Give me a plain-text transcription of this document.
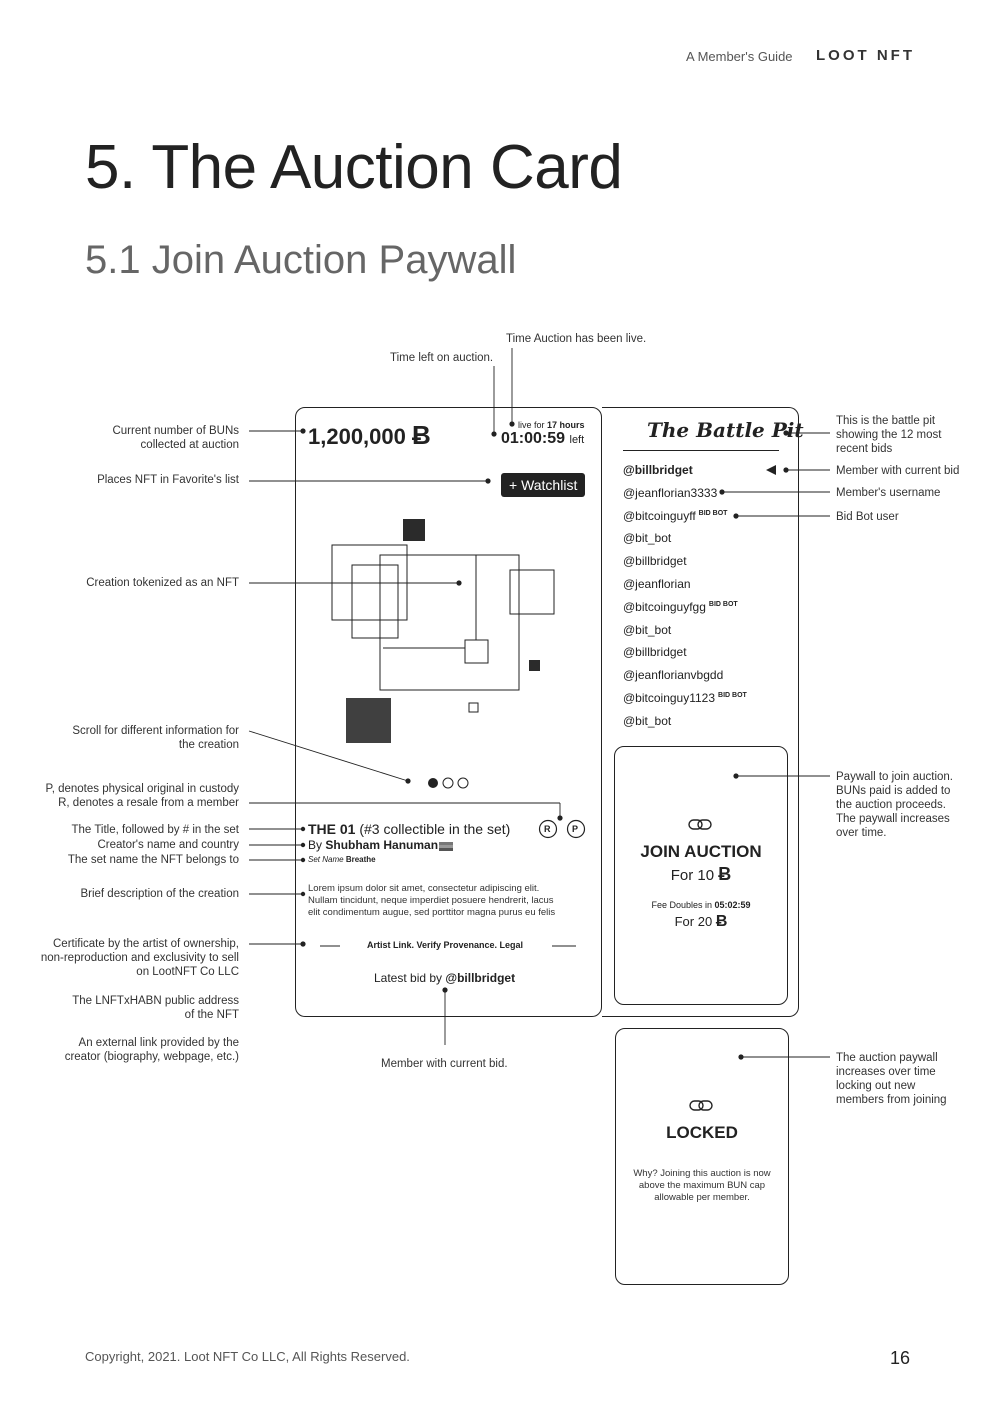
A Member's Guide LOOT NFT
5. The Auction Card
5.1 Join Auction Paywall
Time left on auction.
Time Auction has been live.
Current number of BUNs
collected at auction
Places NFT in Favorite's list
Creation tokenized as an NFT
Scroll for different information for
the creation
P, denotes physical original in custody
R, denotes a resale from a member
The Title, followed by # in the set
Creator's name and country
The set name the NFT belongs to
Brief description of the creation
Certificate by the artist of ownership,
non-reproduction and exclusivity to sell
on LootNFT Co LLC
The LNFTxHABN public address
of the NFT
An external link provided by the
creator (biography, webpage, etc.)
Member with current bid.
This is the battle pit
showing the 12 most
recent bids
Member with current bid
Member's username
Bid Bot user
Paywall to join auction.
BUNs paid is added to
the auction proceeds.
The paywall increases
over time.
The auction paywall
increases over time
locking out new
members from joining
1,200,000 Ƀ	live for 17 hours
01:00:59 left
+ Watchlist
THE 01 (#3 collectible in the set)	R P
By Shubham Hanuman
Set Name Breathe
Lorem ipsum dolor sit amet, consectetur adipiscing elit.
Nullam tincidunt, neque imperdiet posuere hendrerit, lacus
elit condimentum augue, sed porttitor magna purus eu felis
Artist Link. Verify Provenance. Legal
Latest bid by @billbridget
The Battle Pit
@billbridget
@jeanflorian3333
@bitcoinguyff $^{BID BOT}$
@bit_bot
@billbridget
@jeanflorian
@bitcoinguyfgg $^{BID BOT}$
@bit_bot
@billbridget
@jeanflorianvbgdd
@bitcoinguy1123 $^{BID BOT}$
@bit_bot
JOIN AUCTION
For 10 Ƀ
Fee Doubles in 05:02:59
For 20 Ƀ
LOCKED
Why? Joining this auction is now
above the maximum BUN cap
allowable per member.
Copyright, 2021. Loot NFT Co LLC, All Rights Reserved.	16
